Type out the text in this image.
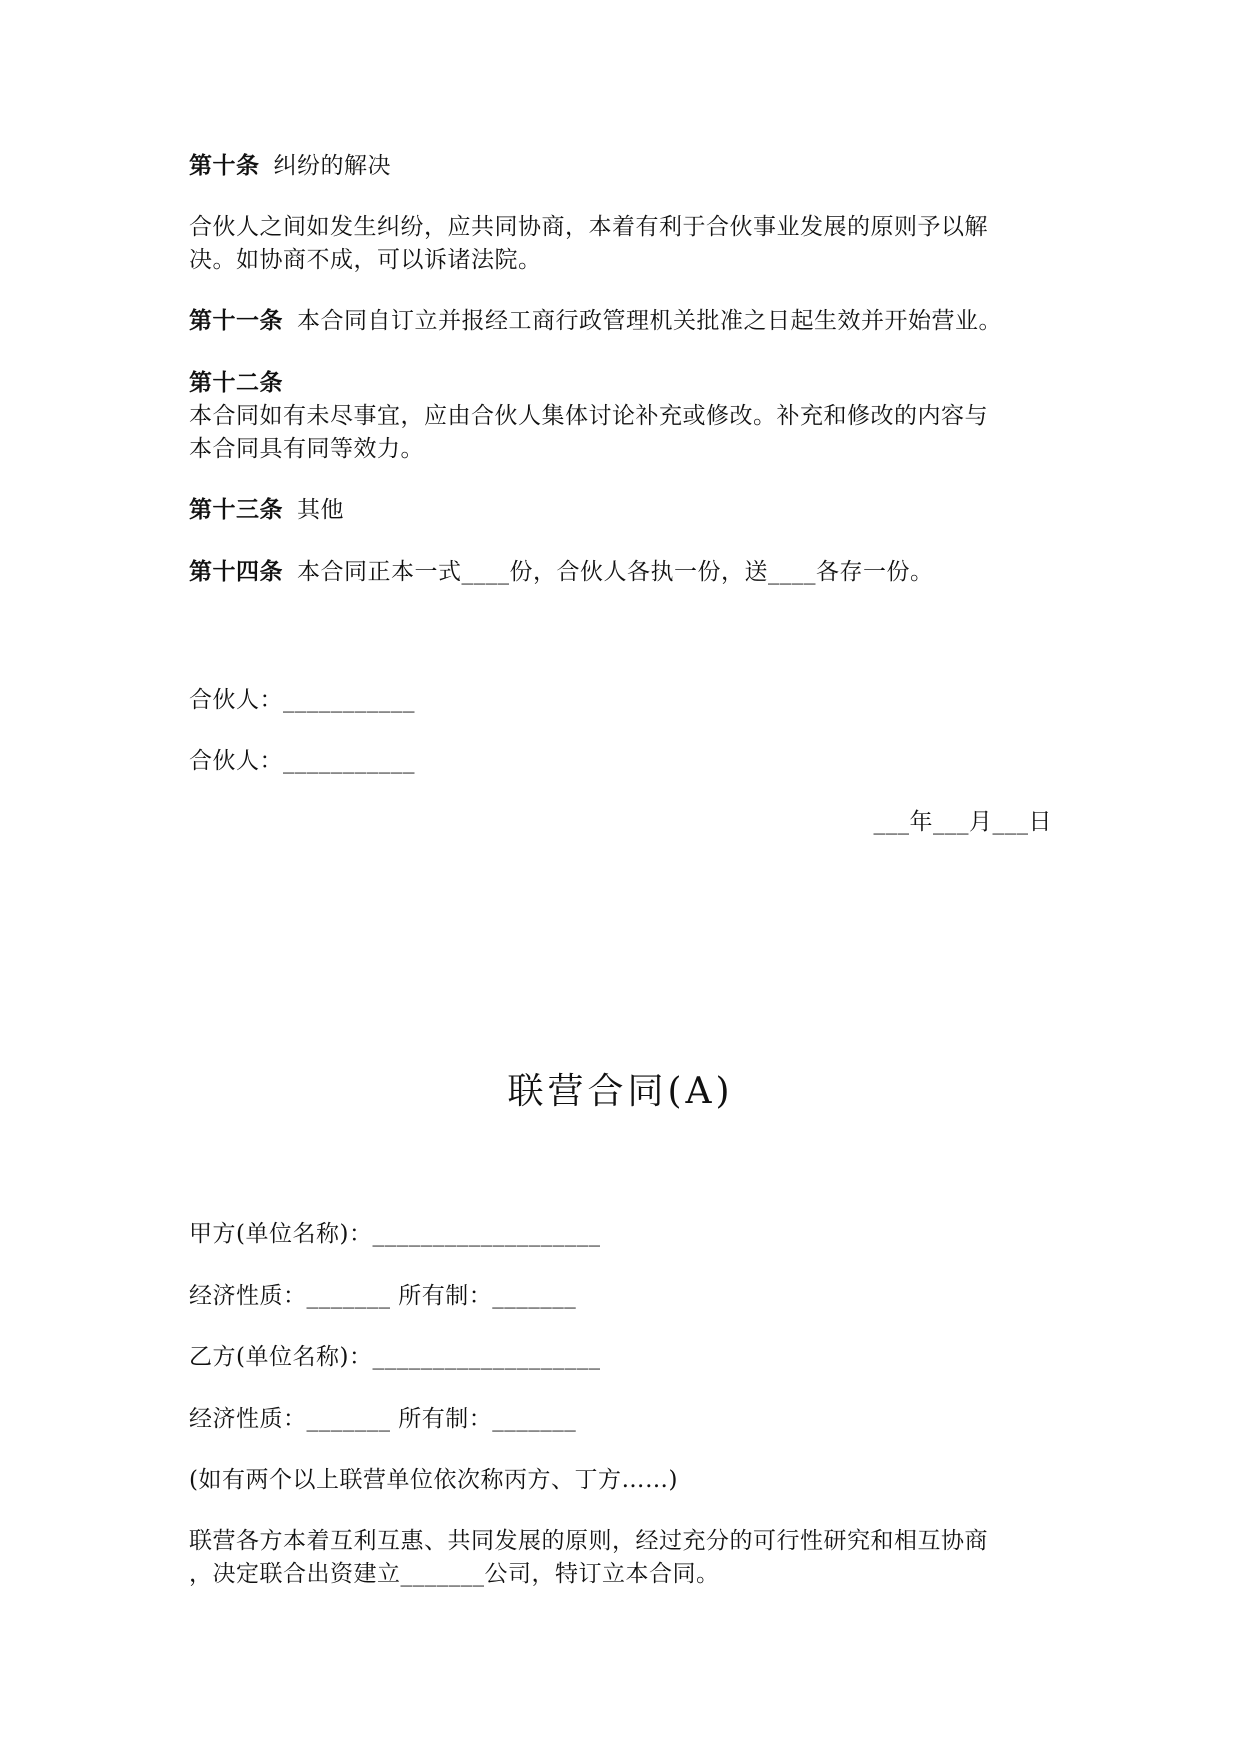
第十条 纠纷的解决
合伙人之间如发生纠纷，应共同协商，本着有利于合伙事业发展的原则予以解
决。如协商不成，可以诉诸法院。
第十一条 本合同自订立并报经工商行政管理机关批准之日起生效并开始营业。
第十二条
本合同如有未尽事宜，应由合伙人集体讨论补充或修改。补充和修改的内容与
本合同具有同等效力。
第十三条 其他
第十四条 本合同正本一式____份，合伙人各执一份，送____各存一份。
合伙人：___________
合伙人：___________
___年___月___日
联营合同(A)
甲方(单位名称)：___________________
经济性质：_______ 所有制：_______
乙方(单位名称)：___________________
经济性质：_______ 所有制：_______
(如有两个以上联营单位依次称丙方、丁方……)
联营各方本着互利互惠、共同发展的原则，经过充分的可行性研究和相互协商
，决定联合出资建立_______公司，特订立本合同。
